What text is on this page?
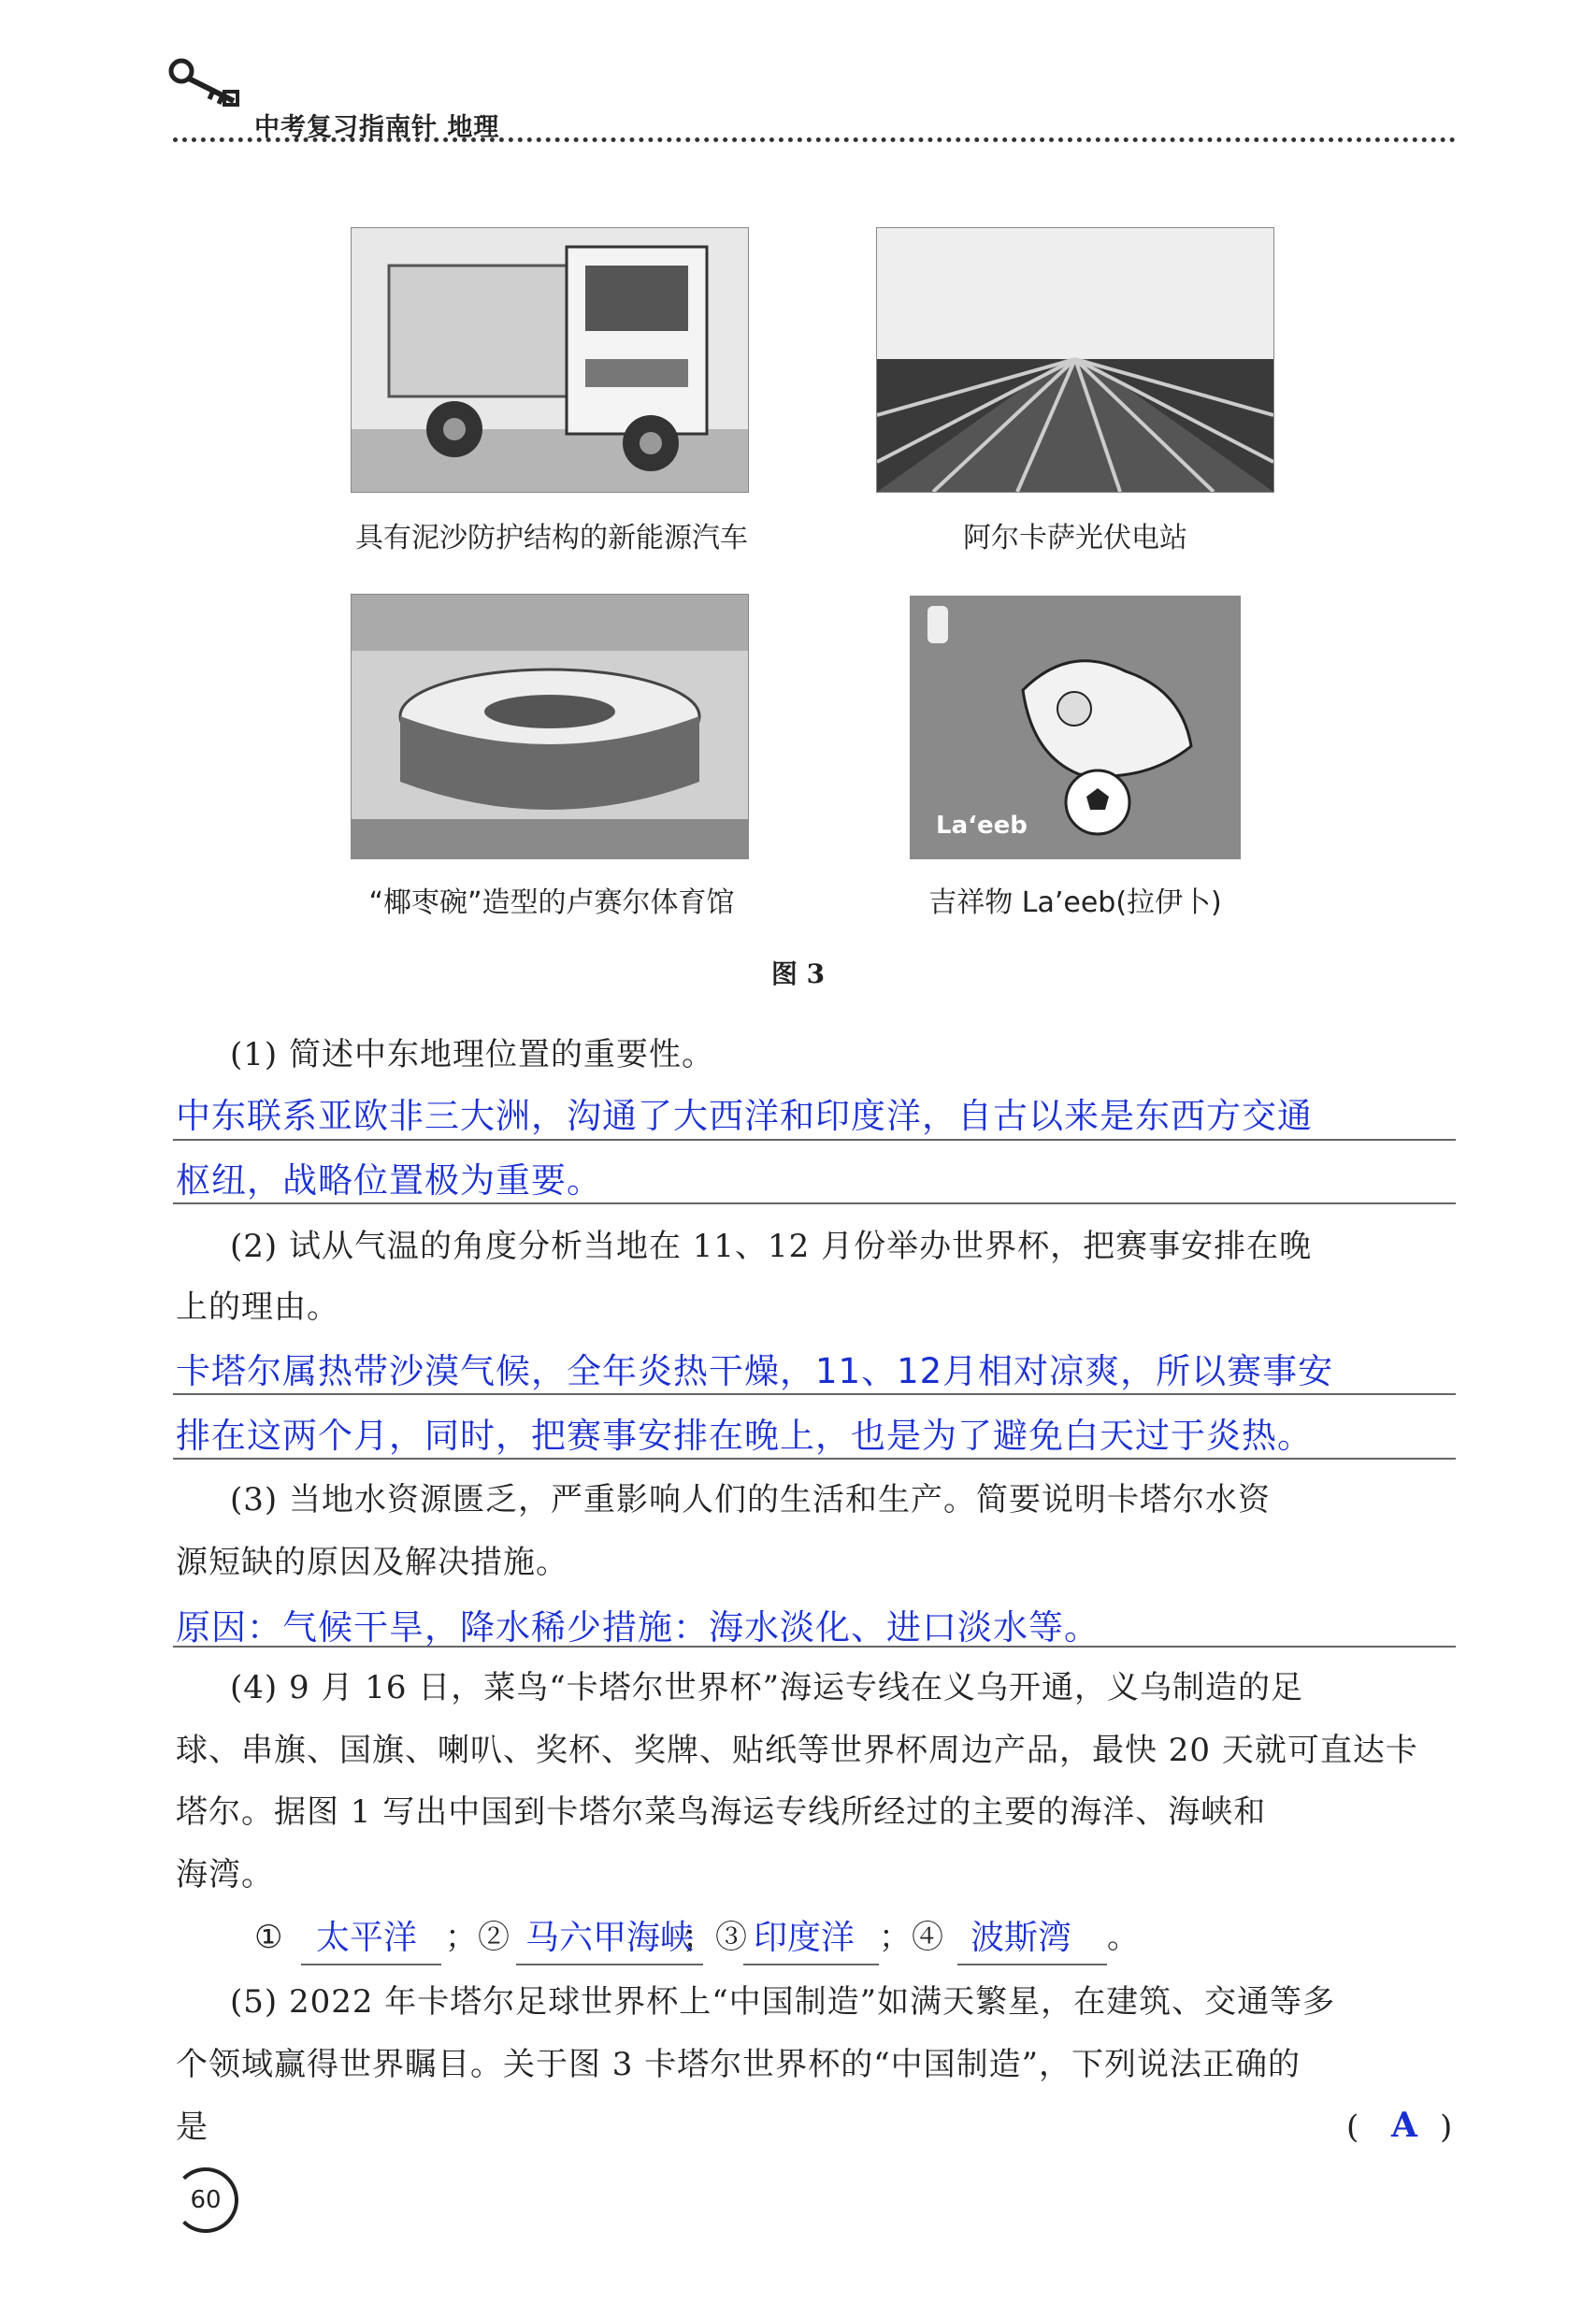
中考复习指南针 地理
具有泥沙防护结构的新能源汽车	阿尔卡萨光伏电站
“椰枣碗”造型的卢赛尔体育馆
La‘eeb
吉祥物 La’eeb(拉伊卜)
图 3
(1) 简述中东地理位置的重要性。
中东联系亚欧非三大洲，沟通了大西洋和印度洋，自古以来是东西方交通
枢纽，战略位置极为重要。
(2) 试从气温的角度分析当地在 11、12 月份举办世界杯，把赛事安排在晚
上的理由。
卡塔尔属热带沙漠气候，全年炎热干燥，11、12月相对凉爽，所以赛事安
排在这两个月，同时，把赛事安排在晚上，也是为了避免白天过于炎热。
(3) 当地水资源匮乏，严重影响人们的生活和生产。简要说明卡塔尔水资
源短缺的原因及解决措施。
原因：气候干旱，降水稀少措施：海水淡化、进口淡水等。
(4) 9 月 16 日，菜鸟“卡塔尔世界杯”海运专线在义乌开通，义乌制造的足
球、串旗、国旗、喇叭、奖杯、奖牌、贴纸等世界杯周边产品，最快 20 天就可直达卡
塔尔。据图 1 写出中国到卡塔尔菜鸟海运专线所经过的主要的海洋、海峡和
海湾。
① 太平洋 ；② 马六甲海峡
；③ 印度洋 ；④ 波斯湾 。
(5) 2022 年卡塔尔足球世界杯上“中国制造”如满天繁星，在建筑、交通等多
个领域赢得世界瞩目。关于图 3 卡塔尔世界杯的“中国制造”，下列说法正确的
是	( A )
60
